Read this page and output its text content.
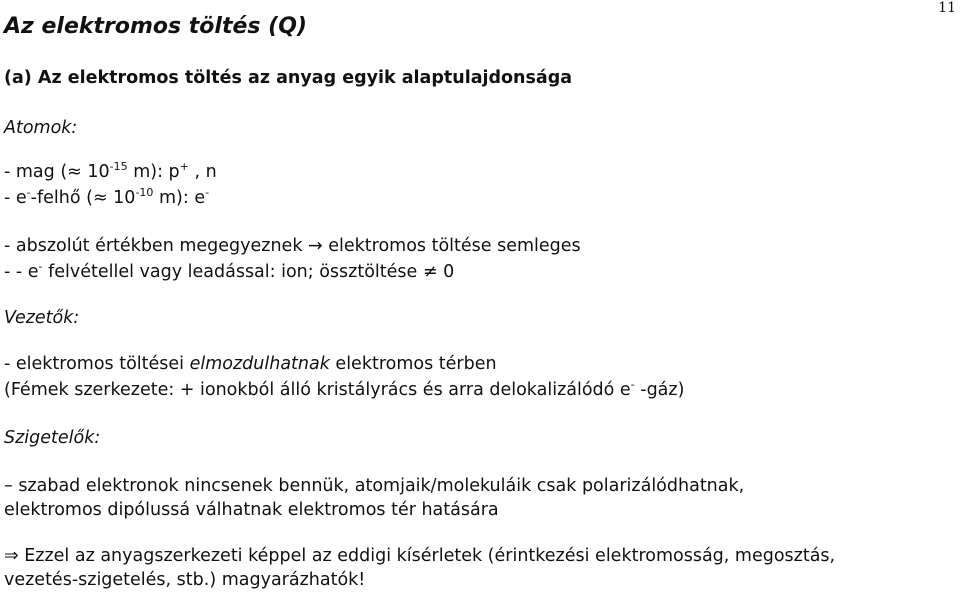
11
Az elektromos töltés (Q)
(a) Az elektromos töltés az anyag egyik alaptulajdonsága
Atomok:
- mag (≈ $10^{-15}$ m): p+ , n
- e--felhő (≈ $10^{-10}$ m): e-
- abszolút értékben megegyeznek → elektromos töltése semleges
- - e- felvétellel vagy leadással: ion; össztöltése ≠ 0
Vezetők:
- elektromos töltései elmozdulhatnak elektromos térben
(Fémek szerkezete: + ionokból álló kristályrács és arra delokalizálódó e- -gáz)
Szigetelők:
– szabad elektronok nincsenek bennük, atomjaik/molekuláik csak polarizálódhatnak,
elektromos dipólussá válhatnak elektromos tér hatására
⇒ Ezzel az anyagszerkezeti képpel az eddigi kísérletek (érintkezési elektromosság, megosztás,
vezetés-szigetelés, stb.) magyarázhatók!
